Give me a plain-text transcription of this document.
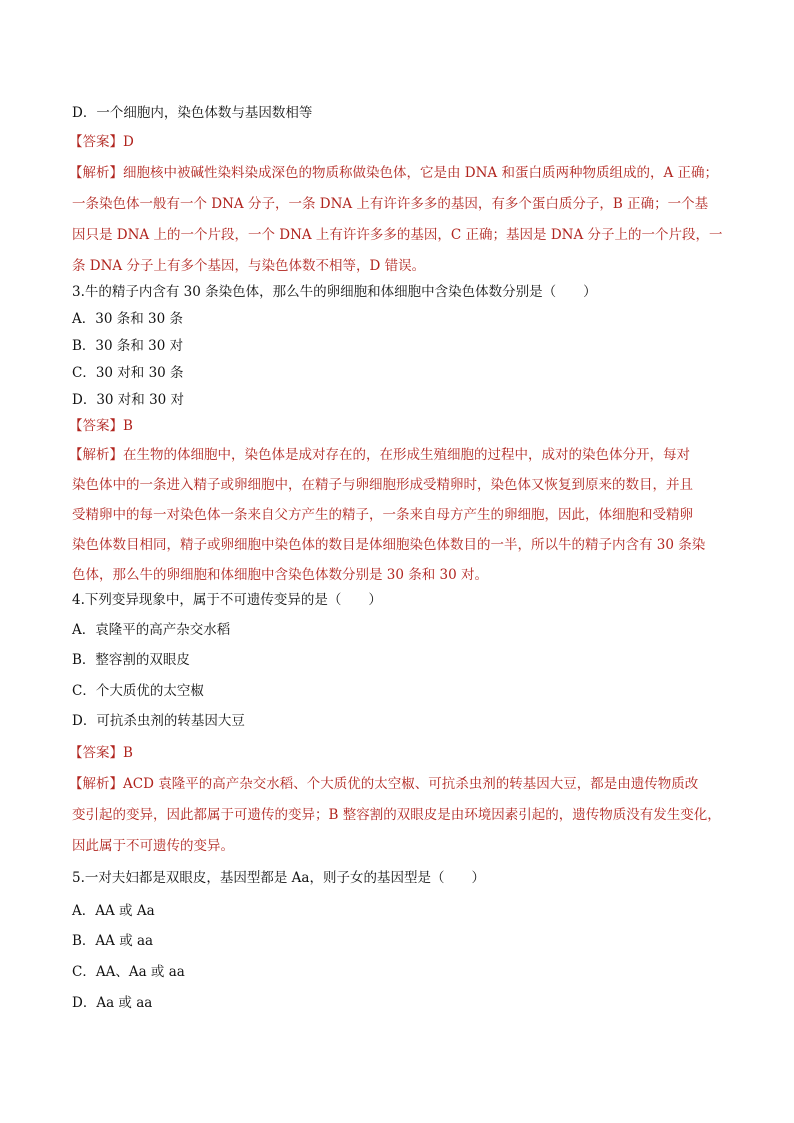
D．一个细胞内，染色体数与基因数相等
【答案】D
【解析】细胞核中被碱性染料染成深色的物质称做染色体，它是由 DNA 和蛋白质两种物质组成的，A 正确；
一条染色体一般有一个 DNA 分子，一条 DNA 上有许许多多的基因，有多个蛋白质分子，B 正确；一个基
因只是 DNA 上的一个片段，一个 DNA 上有许许多多的基因，C 正确；基因是 DNA 分子上的一个片段，一
条 DNA 分子上有多个基因，与染色体数不相等，D 错误。
3.牛的精子内含有 30 条染色体，那么牛的卵细胞和体细胞中含染色体数分别是（　　）
A．30 条和 30 条
B．30 条和 30 对
C．30 对和 30 条
D．30 对和 30 对
【答案】B
【解析】在生物的体细胞中，染色体是成对存在的，在形成生殖细胞的过程中，成对的染色体分开，每对
染色体中的一条进入精子或卵细胞中，在精子与卵细胞形成受精卵时，染色体又恢复到原来的数目，并且
受精卵中的每一对染色体一条来自父方产生的精子，一条来自母方产生的卵细胞，因此，体细胞和受精卵
染色体数目相同，精子或卵细胞中染色体的数目是体细胞染色体数目的一半，所以牛的精子内含有 30 条染
色体，那么牛的卵细胞和体细胞中含染色体数分别是 30 条和 30 对。
4.下列变异现象中，属于不可遗传变异的是（　　）
A．袁隆平的高产杂交水稻
B．整容割的双眼皮
C．个大质优的太空椒
D．可抗杀虫剂的转基因大豆
【答案】B
【解析】ACD 袁隆平的高产杂交水稻、个大质优的太空椒、可抗杀虫剂的转基因大豆，都是由遗传物质改
变引起的变异，因此都属于可遗传的变异；B 整容割的双眼皮是由环境因素引起的，遗传物质没有发生变化，
因此属于不可遗传的变异。
5.一对夫妇都是双眼皮，基因型都是 Aa，则子女的基因型是（　　）
A．AA 或 Aa
B．AA 或 aa
C．AA、Aa 或 aa
D．Aa 或 aa
